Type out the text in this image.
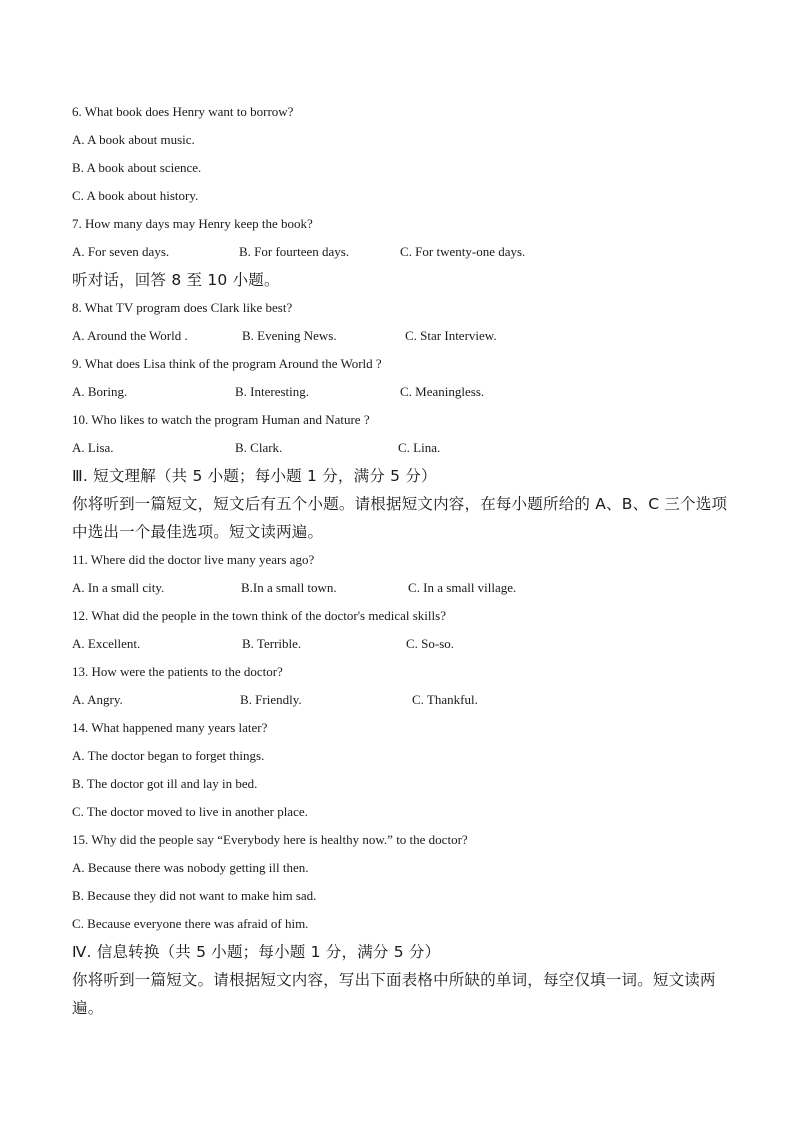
6. What book does Henry want to borrow?
A. A book about music.
B. A book about science.
C. A book about history.
7. How many days may Henry keep the book?
A. For seven days.	B. For fourteen days.	C. For twenty-one days.
听对话，回答 8 至 10 小题。
8. What TV program does Clark like best?
A. Around the World .	B. Evening News.	C. Star Interview.
9. What does Lisa think of the program Around the World ?
A. Boring.	B. Interesting.	C. Meaningless.
10. Who likes to watch the program Human and Nature ?
A. Lisa.	B. Clark.	C. Lina.
Ⅲ. 短文理解（共 5 小题；每小题 1 分，满分 5 分）
你将听到一篇短文，短文后有五个小题。请根据短文内容，在每小题所给的 A、B、C 三个选项中选出一个最佳选项。短文读两遍。
11. Where did the doctor live many years ago?
A. In a small city.	B.In a small town.	C. In a small village.
12. What did the people in the town think of the doctor's medical skills?
A. Excellent.	B. Terrible.	C. So-so.
13. How were the patients to the doctor?
A. Angry.	B. Friendly.	C. Thankful.
14. What happened many years later?
A. The doctor began to forget things.
B. The doctor got ill and lay in bed.
C. The doctor moved to live in another place.
15. Why did the people say “Everybody here is healthy now.” to the doctor?
A. Because there was nobody getting ill then.
B. Because they did not want to make him sad.
C. Because everyone there was afraid of him.
Ⅳ. 信息转换（共 5 小题；每小题 1 分，满分 5 分）
你将听到一篇短文。请根据短文内容，写出下面表格中所缺的单词，每空仅填一词。短文读两遍。
